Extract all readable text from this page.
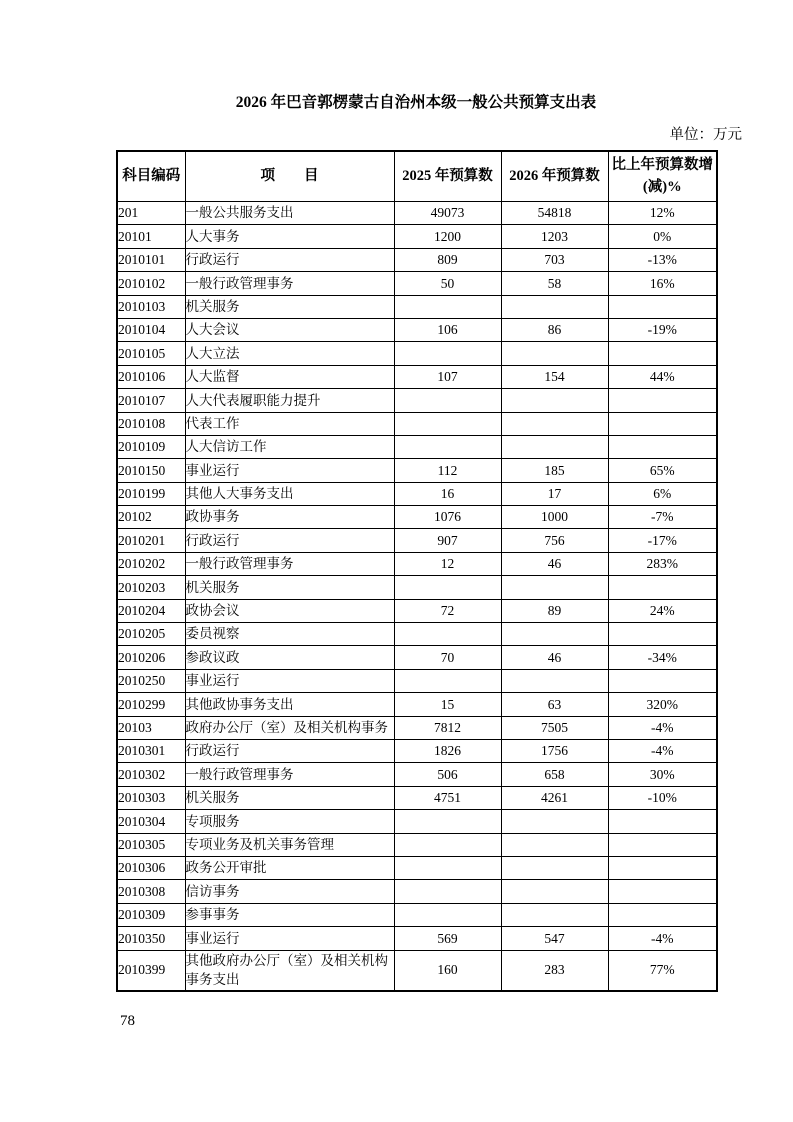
2026 年巴音郭楞蒙古自治州本级一般公共预算支出表
单位：万元
科目编码	项　　目	2025 年预算数	2026 年预算数	比上年预算数增(减)%
201	一般公共服务支出	49073	54818	12%
20101	人大事务	1200	1203	0%
2010101	行政运行	809	703	-13%
2010102	一般行政管理事务	50	58	16%
2010103	机关服务			
2010104	人大会议	106	86	-19%
2010105	人大立法			
2010106	人大监督	107	154	44%
2010107	人大代表履职能力提升			
2010108	代表工作			
2010109	人大信访工作			
2010150	事业运行	112	185	65%
2010199	其他人大事务支出	16	17	6%
20102	政协事务	1076	1000	-7%
2010201	行政运行	907	756	-17%
2010202	一般行政管理事务	12	46	283%
2010203	机关服务			
2010204	政协会议	72	89	24%
2010205	委员视察			
2010206	参政议政	70	46	-34%
2010250	事业运行			
2010299	其他政协事务支出	15	63	320%
20103	政府办公厅（室）及相关机构事务	7812	7505	-4%
2010301	行政运行	1826	1756	-4%
2010302	一般行政管理事务	506	658	30%
2010303	机关服务	4751	4261	-10%
2010304	专项服务			
2010305	专项业务及机关事务管理			
2010306	政务公开审批			
2010308	信访事务			
2010309	参事事务			
2010350	事业运行	569	547	-4%
2010399	其他政府办公厅（室）及相关机构事务支出	160	283	77%
78
